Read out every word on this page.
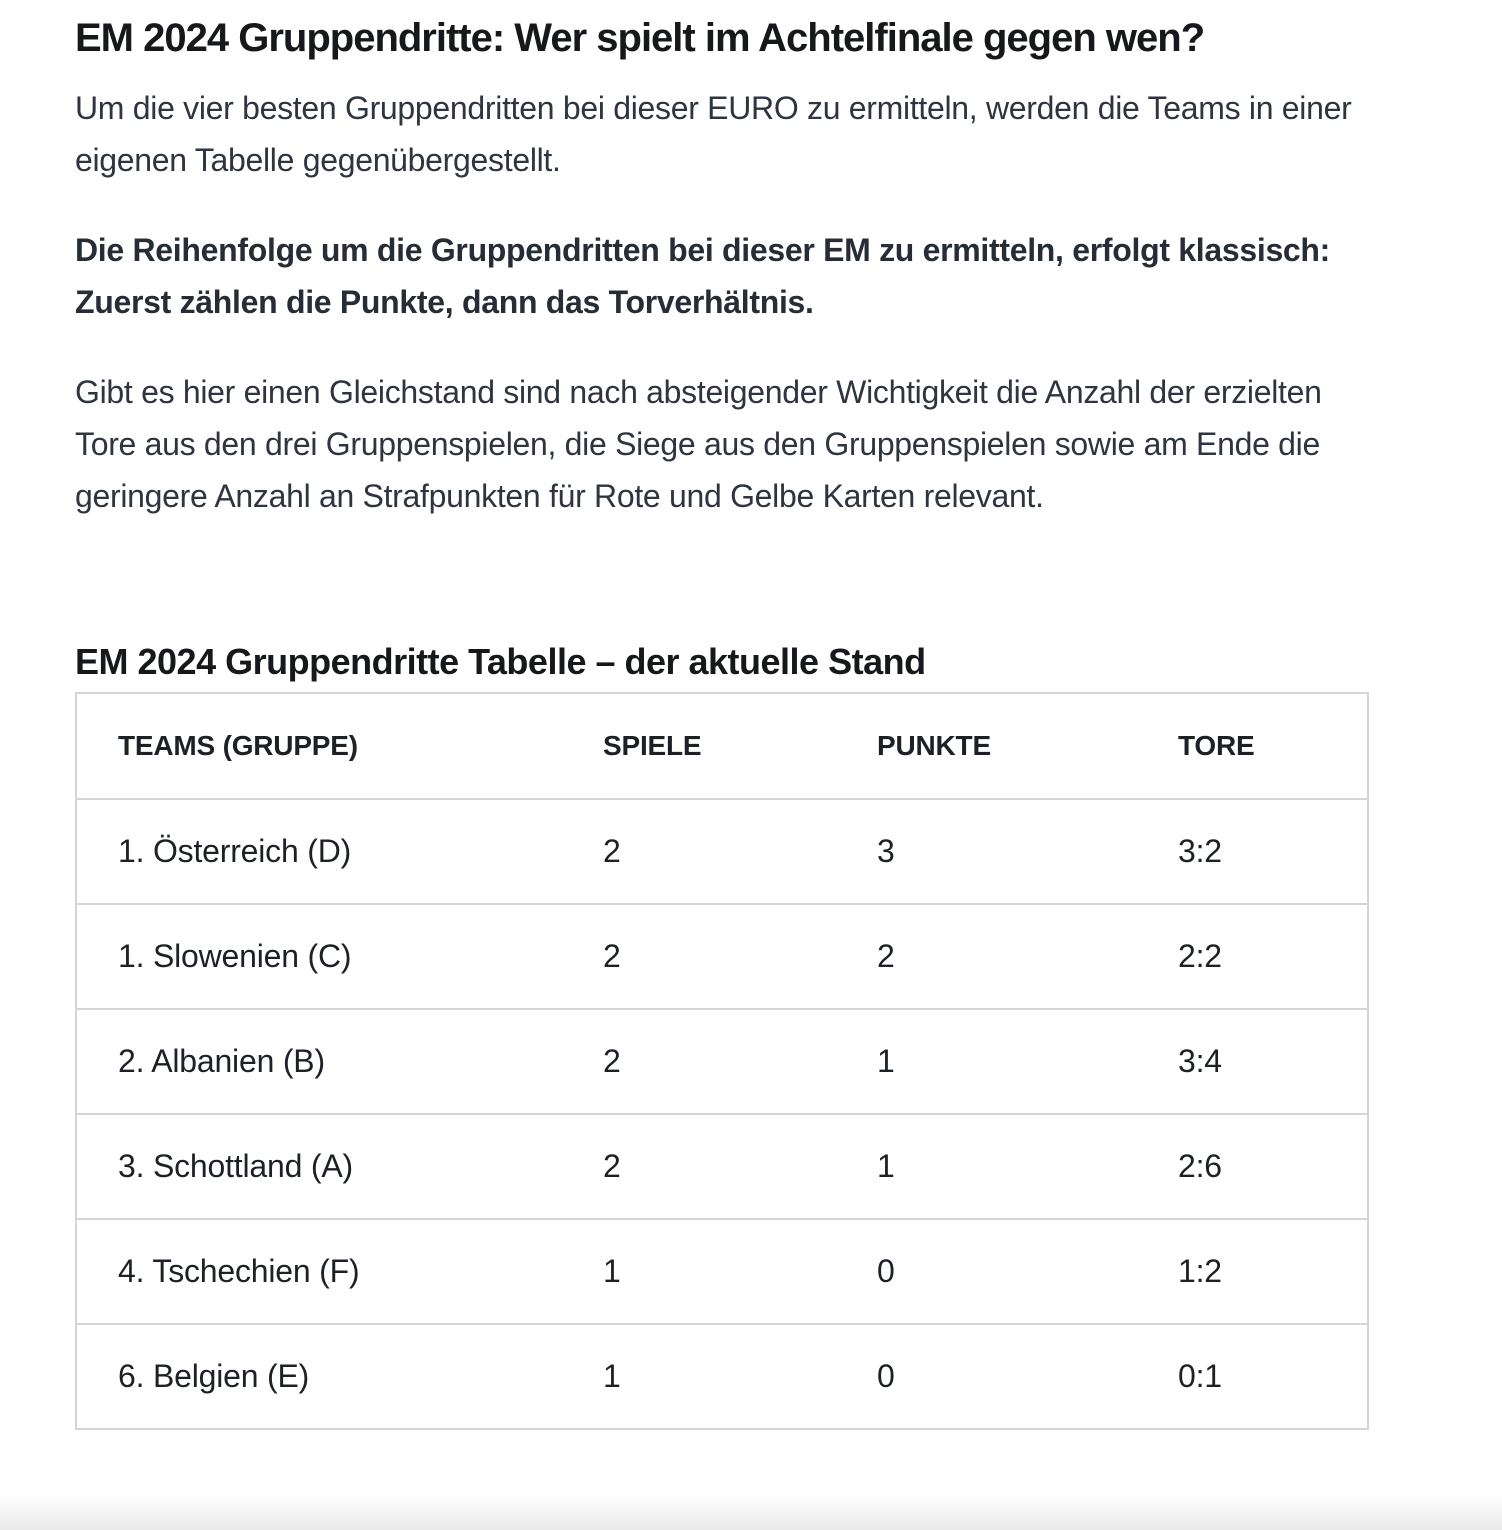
EM 2024 Gruppendritte: Wer spielt im Achtelfinale gegen wen?

Um die vier besten Gruppendritten bei dieser EURO zu ermitteln, werden die Teams in einer eigenen Tabelle gegenübergestellt.

Die Reihenfolge um die Gruppendritten bei dieser EM zu ermitteln, erfolgt klassisch: Zuerst zählen die Punkte, dann das Torverhältnis.

Gibt es hier einen Gleichstand sind nach absteigender Wichtigkeit die Anzahl der erzielten Tore aus den drei Gruppenspielen, die Siege aus den Gruppenspielen sowie am Ende die geringere Anzahl an Strafpunkten für Rote und Gelbe Karten relevant.

EM 2024 Gruppendritte Tabelle – der aktuelle Stand
TEAMS (GRUPPE)	SPIELE	PUNKTE	TORE
1. Österreich (D)	2	3	3:2
1. Slowenien (C)	2	2	2:2
2. Albanien (B)	2	1	3:4
3. Schottland (A)	2	1	2:6
4. Tschechien (F)	1	0	1:2
6. Belgien (E)	1	0	0:1
